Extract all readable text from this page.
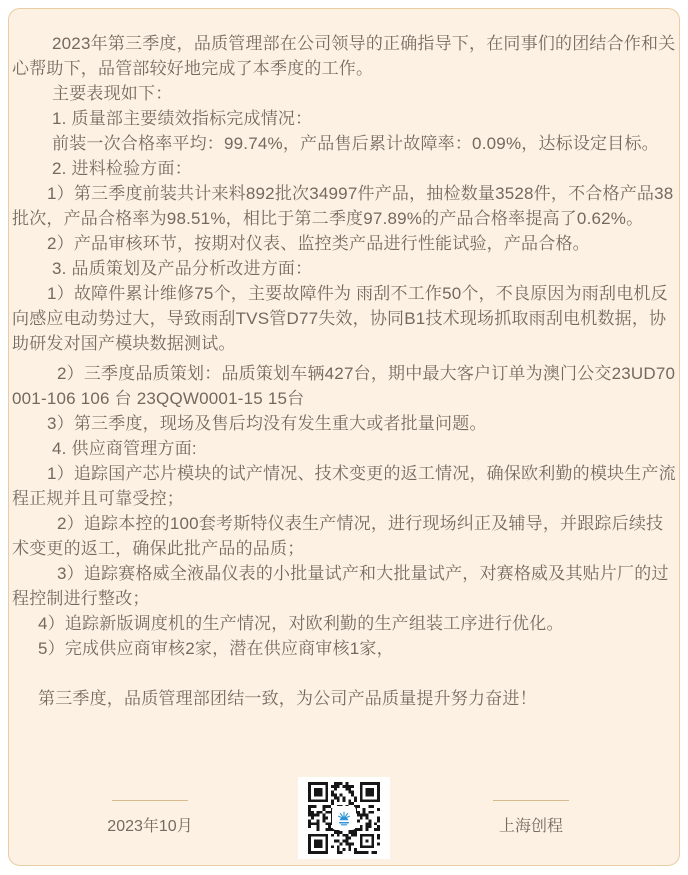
2023年第三季度，品质管理部在公司领导的正确指导下，在同事们的团结合作和关心帮助下，品管部较好地完成了本季度的工作。

主要表现如下：

1. 质量部主要绩效指标完成情况：

前装一次合格率平均：99.74%，产品售后累计故障率：0.09%，达标设定目标。

2. 进料检验方面：

1）第三季度前装共计来料892批次34997件产品，抽检数量3528件，不合格产品38批次，产品合格率为98.51%，相比于第二季度97.89%的产品合格率提高了0.62%。

2）产品审核环节，按期对仪表、监控类产品进行性能试验，产品合格。

3. 品质策划及产品分析改进方面：

1）故障件累计维修75个，主要故障件为 雨刮不工作50个，不良原因为雨刮电机反向感应电动势过大，导致雨刮TVS管D77失效，协同B1技术现场抓取雨刮电机数据，协助研发对国产模块数据测试。

2）三季度品质策划：品质策划车辆427台，期中最大客户订单为澳门公交23UD70001-106 106 台 23QQW0001-15 15台

3）第三季度，现场及售后均没有发生重大或者批量问题。

4. 供应商管理方面:

1）追踪国产芯片模块的试产情况、技术变更的返工情况，确保欧利勤的模块生产流程正规并且可靠受控；

2）追踪本控的100套考斯特仪表生产情况，进行现场纠正及辅导，并跟踪后续技术变更的返工，确保此批产品的品质；

3）追踪赛格威全液晶仪表的小批量试产和大批量试产，对赛格威及其贴片厂的过程控制进行整改；

4）追踪新版调度机的生产情况，对欧利勤的生产组装工序进行优化。

5）完成供应商审核2家，潜在供应商审核1家，

第三季度，品质管理部团结一致，为公司产品质量提升努力奋进！

2023年10月	上海创程
